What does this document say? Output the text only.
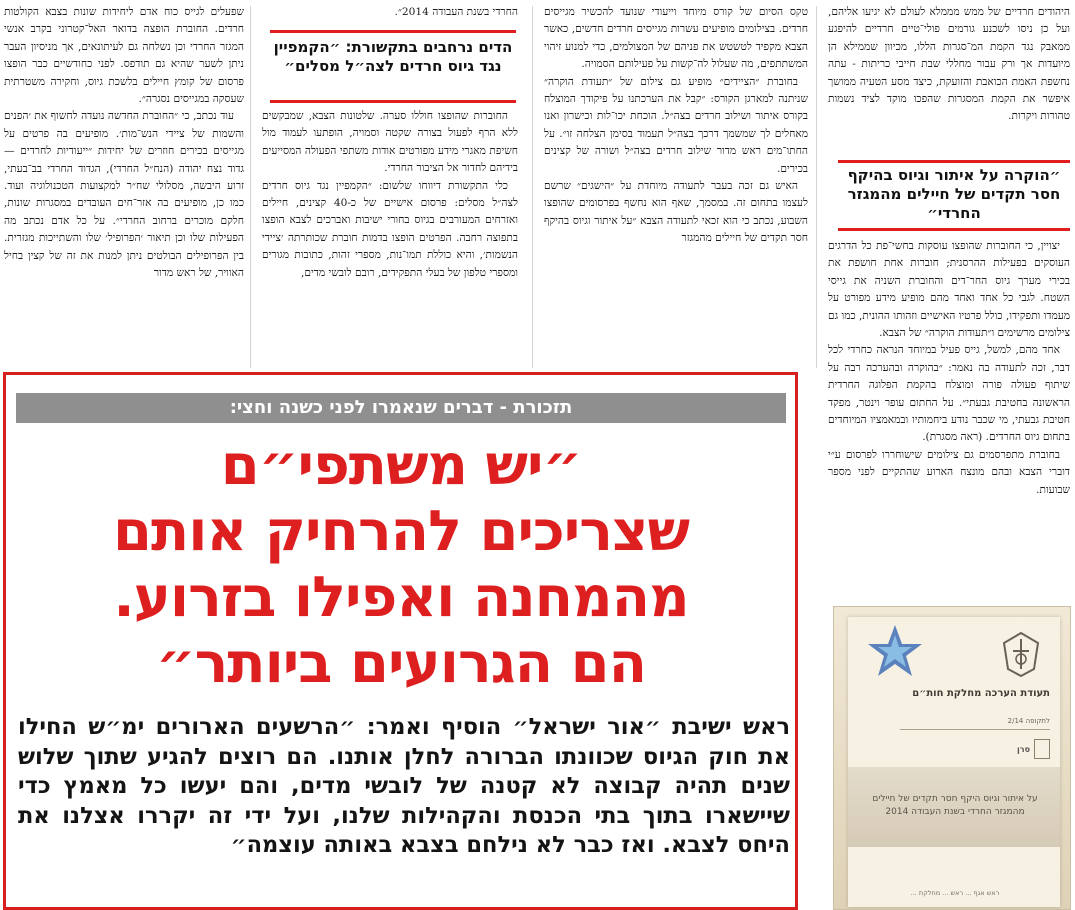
היהודים חרדיים של ממש מממלא לעולם לא יגיעו אליהם, ועל כן ניסו לשכנע גורמים פולי־טיים חרדיים להיפגע ממאבק נגד הקמת המ־סגרות הללו, מכיוון שממילא הן מיועדות אך ורק עבור מחללי שבת חייבי כריתות - עתה נחשפת האמת הכואבת והזועקת, כיצד מסע הטעיה ממושך איפשר את הקמת המסגרות שהפכו מוקד לציד נשמות טהורות ויקרות.

״הוקרה על איתור וגיוס בהיקף חסר תקדים של חיילים מהמגזר החרדי״

יצויין, כי החוברות שהופצו עוסקות בחשי־פת כל הדרגים העוסקים בפעילות ההרסנית; חוברות אחת חושפת את בכירי מערך גיוס החר־דים והחוברת השניה את גייסי השטח. לגבי כל אחד ואחד מהם מופיע מידע מפורט על מעמדו ותפקידו, כולל פרטיו האישיים וזהותו ההונית, כמו גם צילומים מרשימים ו״תעודות הוקרה״ של הצבא.

אחד מהם, למשל, גייס פעיל במיוחד הנראה כחרדי לכל דבר, זכה לתעודה בה נאמר: ״בהוקרה ובהערכה רבה על שיתוף פעולה פורה ומוצלח בהקמת הפלוגה החרדית הראשונה בחטיבת גבעתי״. על החתום עופר וינטר, מפקד חטיבת גבעתי, מי שכבר נודע ביחמותיו ובמאמציו המיוחדים בתחום גיוס החרדים. (ראה מסגרת).

בחוברת מתפרסמים גם צילומים שישוחררו לפרסום ע״י דוברי הצבא ובהם מונצח הארוע שהתקיים לפני מספר שבועות.

טקס הסיום של קורס מיוחד וייעודי שנועד להכשיר מגייסים חרדים. בצילומים מופיעים עשרות מגייסים חרדים חדשים, כאשר הצבא מקפיד לטשטש את פניהם של המצולמים, כדי למנוע זיהוי המשתתפים, מה שעלול לה־קשות על פעילותם הסמויה.

בחוברת ״הציידים״ מופיע גם צילום של ״תעודת הוקרה״ שניתנה למארגן הקורס: ״קבל את הערכתנו על פיקודך המוצלח בקורס איתור ושילוב חרדים בצה״ל. הוכחת יכו־לות וכישרון ואנו מאחלים לך שמשמך דרכך בצה״ל תעמוד בסימן הצלחה זו״. על החתו־מים ראש מדור שילוב חרדים בצה״ל ושורה של קצינים בכירים.

האיש גם זכה בעבר לתעודה מיוחדת על ״הישגים״ שרשם לעצמו בתחום זה. במסמך, שאף הוא נחשף בפרסומים שהופצו השבוע, נכתב כי הוא זכאי לתעודה הצבא ״על איתור וגיוס בהיקף חסר תקדים של חיילים מהמגזר

החרדי בשנת העבודה 2014״.

הדים נרחבים בתקשורת: ״הקמפיין נגד גיוס חרדים לצה״ל מסלים״

החוברות שהופצו חוללו סערה. שלטונות הצבא, שמבקשים ללא הרף לפעול בצורה שקטה וסמויה, הופתעו לעמוד מול חשיפת מאגרי מידע מפורטים אודות משתפי הפעולה המסייעים בידיהם לחדור אל הציבור החרדי.

כלי התקשורת דיווחו שלשום: ״הקמפיין נגד גיוס חרדים לצה״ל מסלים: פרסום אישיים של כ-40 קצינים, חיילים ואזרחים המעורבים בגיוס בחורי ישיבות ואברכים לצבא הופצו בתפוצה רחבה. הפרטים הופצו בדמות חוברת שכותרתה ׳ציידי הנשמות׳, והיא כוללת תמו־נות, מספרי זהות, כתובות מגורים ומספרי טלפון של בעלי התפקידים, רובם לובשי מדים,

שפעלים לגייס כוח אדם ליחידות שונות בצבא הקולטות חרדים. החוברת הופצה בדואר האל־קטרוני בקרב אנשי המגזר החרדי וכן נשלחה גם לעיתונאים, אך מניסיון העבר ניתן לשער שהיא גם תודפס. לפני כחודשיים כבר הופצו פרסום של קומץ חיילים בלשכת גיוס, וחקירה משטרתית שעסקה במגייסים נסגרה״.

עוד נכתב, כי ״החוברת החדשה נועדה לחשוף את ׳הפנים והשמות של ציידי הנש־מות׳. מופיעים בה פרטים על מגייסים בכירים חוזרים של יחידות ״ייעודיות לחרדים — גדוד נצח יהודה (הנח״ל החרדי), הגדוד החרדי בב־בעתי, זרוע היבשה, מסלולי שח״ר למקצועות הטכנולוגיה ועוד. כמו כן, מופיעים בה אזר־חים העובדים במסגרות שונות, חלקם מוכרים ברחוב החרדי״. על כל אדם נכתב מה הפעילות שלו וכן תיאור ׳הפרופיל׳ שלו והשתייכות מגזרית. בין הפרופילים הבולטים ניתן למנות את זה של קצין בחיל האוויר, של ראש מדור

תזכורת - דברים שנאמרו לפני כשנה וחצי:
״יש משתפי״ם
שצריכים להרחיק אותם
מהמחנה ואפילו בזרוע.
הם הגרועים ביותר״
ראש ישיבת ״אור ישראל״ הוסיף ואמר: ״הרשעים הארורים ימ״ש החילו את חוק הגיוס שכוונתו הברורה לחלן אותנו. הם רוצים להגיע שתוך שלוש שנים תהיה קבוצה לא קטנה של לובשי מדים, והם יעשו כל מאמץ כדי שיישארו בתוך בתי הכנסת והקהילות שלנו, ועל ידי זה יקררו אצלנו את היחס לצבא. ואז כבר לא נילחם בצבא באותה עוצמה״
תעודת הערכה מחלקת חות״ם
לתקופה 2/14
סרן
על איתור וגיוס היקף חסר תקדים של חיילים מהמגזר החרדי בשנת העבודה 2014
ראש אגף ... ראש ... מחלקת ...
